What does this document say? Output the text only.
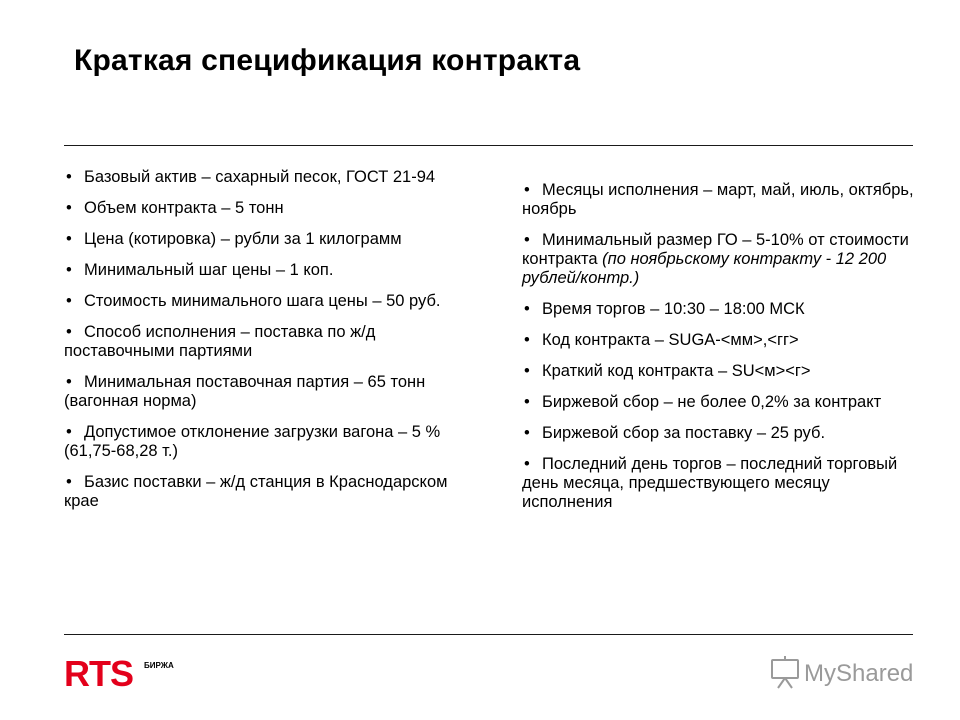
Краткая спецификация контракта
• Базовый актив – сахарный песок, ГОСТ 21-94
• Объем контракта – 5 тонн
• Цена (котировка) – рубли за 1 килограмм
• Минимальный шаг цены – 1 коп.
• Стоимость минимального шага цены – 50 руб.
• Способ исполнения – поставка по ж/д поставочными партиями
• Минимальная поставочная партия – 65 тонн (вагонная норма)
• Допустимое отклонение загрузки вагона – 5 % (61,75-68,28 т.)
• Базис поставки – ж/д станция в Краснодарском крае
• Месяцы исполнения – март, май, июль, октябрь, ноябрь
• Минимальный размер ГО – 5-10% от стоимости контракта (по ноябрьскому контракту - 12 200 рублей/контр.)
• Время торгов – 10:30 – 18:00 МСК
• Код контракта – SUGA-<мм>,<гг>
• Краткий код контракта – SU<м><г>
• Биржевой сбор – не более 0,2% за контракт
• Биржевой сбор за поставку – 25 руб.
• Последний день торгов – последний торговый день месяца, предшествующего месяцу исполнения
RTS БИРЖА	MyShared
